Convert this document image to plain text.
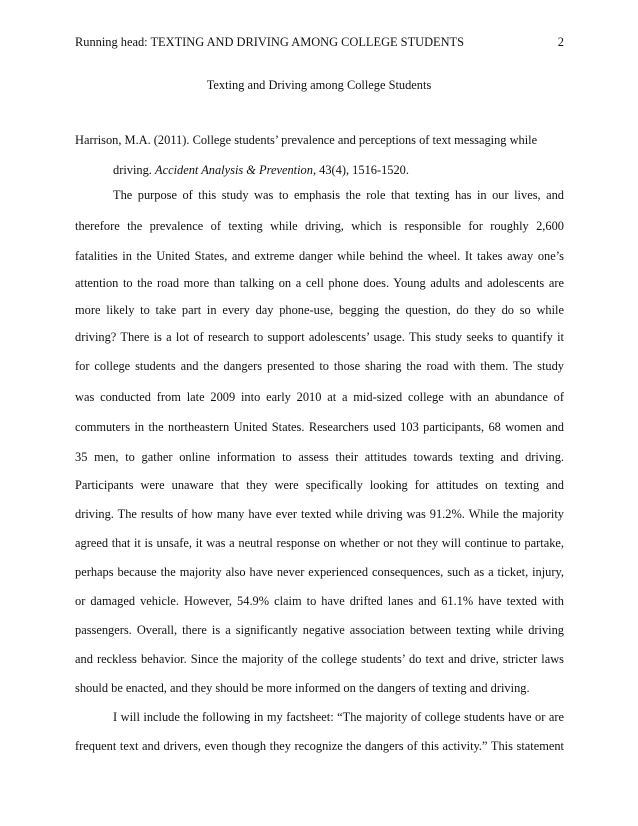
Running head: TEXTING AND DRIVING AMONG COLLEGE STUDENTS	2
Texting and Driving among College Students
Harrison, M.A. (2011). College students’ prevalence and perceptions of text messaging while
driving. Accident Analysis & Prevention, 43(4), 1516-1520.
The purpose of this study was to emphasis the role that texting has in our lives, and
therefore the prevalence of texting while driving, which is responsible for roughly 2,600
fatalities in the United States, and extreme danger while behind the wheel. It takes away one’s
attention to the road more than talking on a cell phone does. Young adults and adolescents are
more likely to take part in every day phone-use, begging the question, do they do so while
driving? There is a lot of research to support adolescents’ usage. This study seeks to quantify it
for college students and the dangers presented to those sharing the road with them. The study
was conducted from late 2009 into early 2010 at a mid-sized college with an abundance of
commuters in the northeastern United States. Researchers used 103 participants, 68 women and
35 men, to gather online information to assess their attitudes towards texting and driving.
Participants were unaware that they were specifically looking for attitudes on texting and
driving. The results of how many have ever texted while driving was 91.2%. While the majority
agreed that it is unsafe, it was a neutral response on whether or not they will continue to partake,
perhaps because the majority also have never experienced consequences, such as a ticket, injury,
or damaged vehicle. However, 54.9% claim to have drifted lanes and 61.1% have texted with
passengers. Overall, there is a significantly negative association between texting while driving
and reckless behavior. Since the majority of the college students’ do text and drive, stricter laws
should be enacted, and they should be more informed on the dangers of texting and driving.
I will include the following in my factsheet: “The majority of college students have or are
frequent text and drivers, even though they recognize the dangers of this activity.” This statement
